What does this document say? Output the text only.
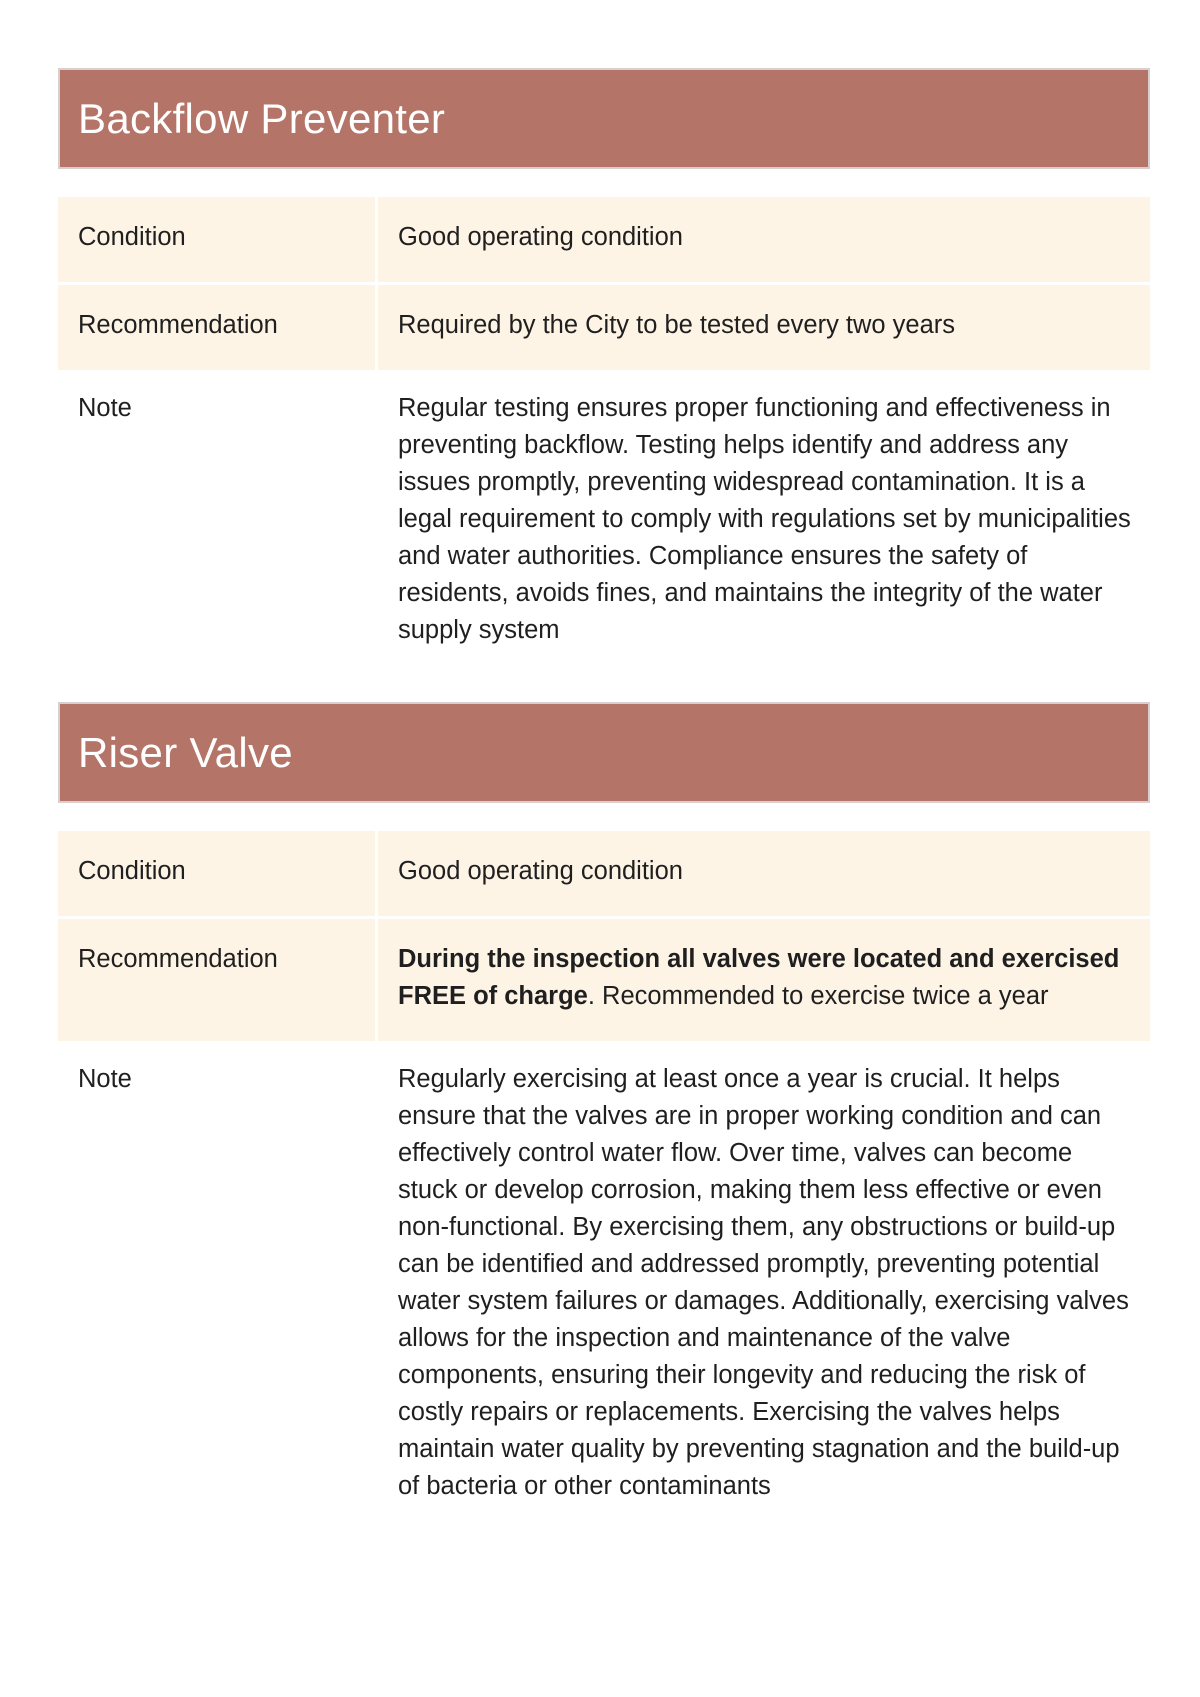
Backflow Preventer
Condition	Good operating condition
Recommendation	Required by the City to be tested every two years
Note	Regular testing ensures proper functioning and effectiveness in preventing backflow. Testing helps identify and address any issues promptly, preventing widespread contamination. It is a legal requirement to comply with regulations set by municipalities and water authorities. Compliance ensures the safety of residents, avoids fines, and maintains the integrity of the water supply system
Riser Valve
Condition	Good operating condition
Recommendation	During the inspection all valves were located and exercised FREE of charge. Recommended to exercise twice a year
Note	Regularly exercising at least once a year is crucial. It helps ensure that the valves are in proper working condition and can effectively control water flow. Over time, valves can become stuck or develop corrosion, making them less effective or even non-functional. By exercising them, any obstructions or build-up can be identified and addressed promptly, preventing potential water system failures or damages. Additionally, exercising valves allows for the inspection and maintenance of the valve components, ensuring their longevity and reducing the risk of costly repairs or replacements. Exercising the valves helps maintain water quality by preventing stagnation and the build-up of bacteria or other contaminants
